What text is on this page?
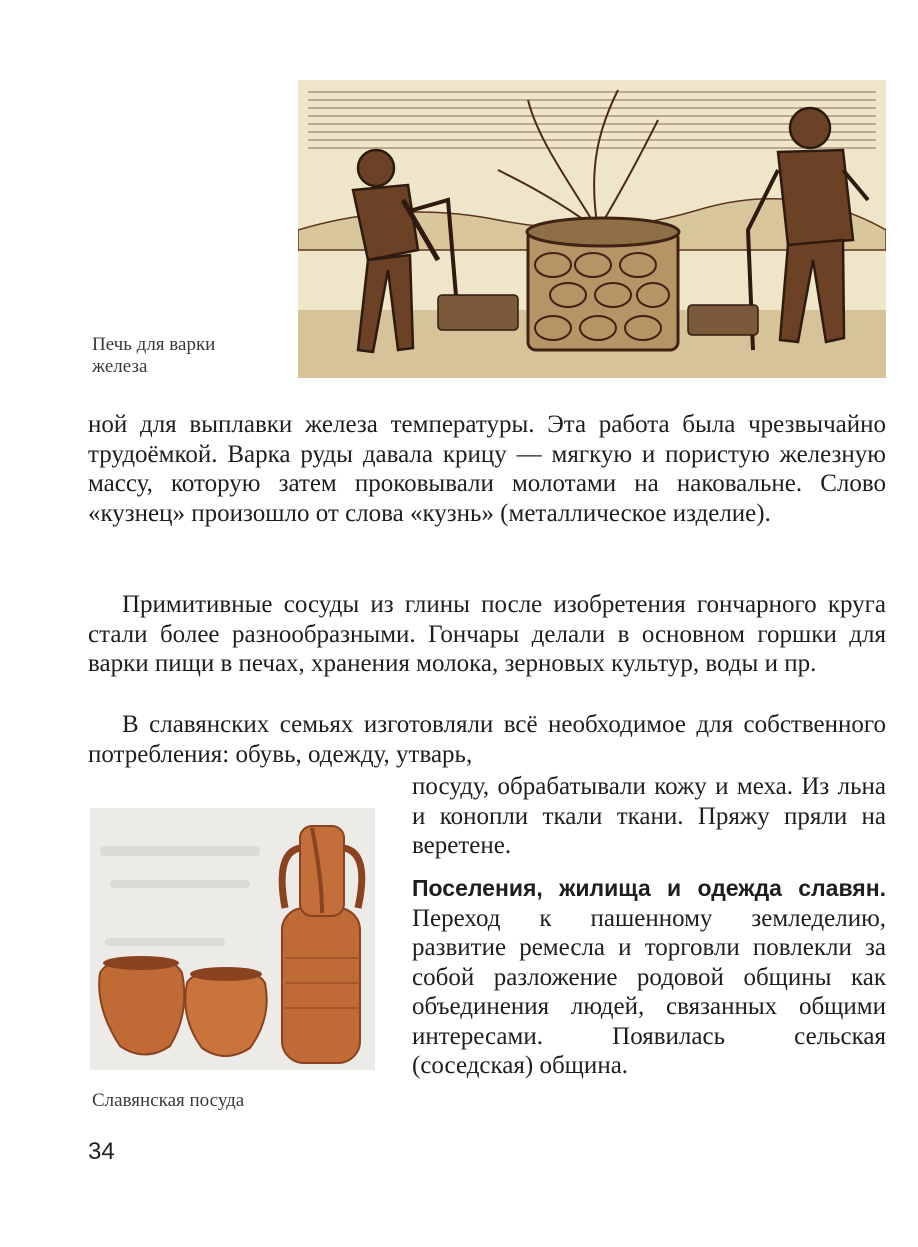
Печь для варки
железа
ной для выплавки железа температуры. Эта работа была чрезвычайно трудоёмкой. Варка руды давала крицу — мягкую и пористую железную массу, которую затем проковывали молотами на наковальне. Слово «кузнец» произошло от слова «кузнь» (металлическое изделие).
Примитивные сосуды из глины после изобретения гончарного круга стали более разнообразными. Гончары делали в основном горшки для варки пищи в печах, хранения молока, зерновых культур, воды и пр.
В славянских семьях изготовляли всё необходимое для собственного потребления: обувь, одежду, утварь,
посуду, обрабатывали кожу и меха. Из льна и конопли ткали ткани. Пряжу пряли на веретене.
Поселения, жилища и одежда славян. Переход к пашенному земледелию, развитие ремесла и торговли повлекли за собой разложение родовой общины как объединения людей, связанных общими интересами. Появилась сельская (соседская) община.
Славянская посуда
34
